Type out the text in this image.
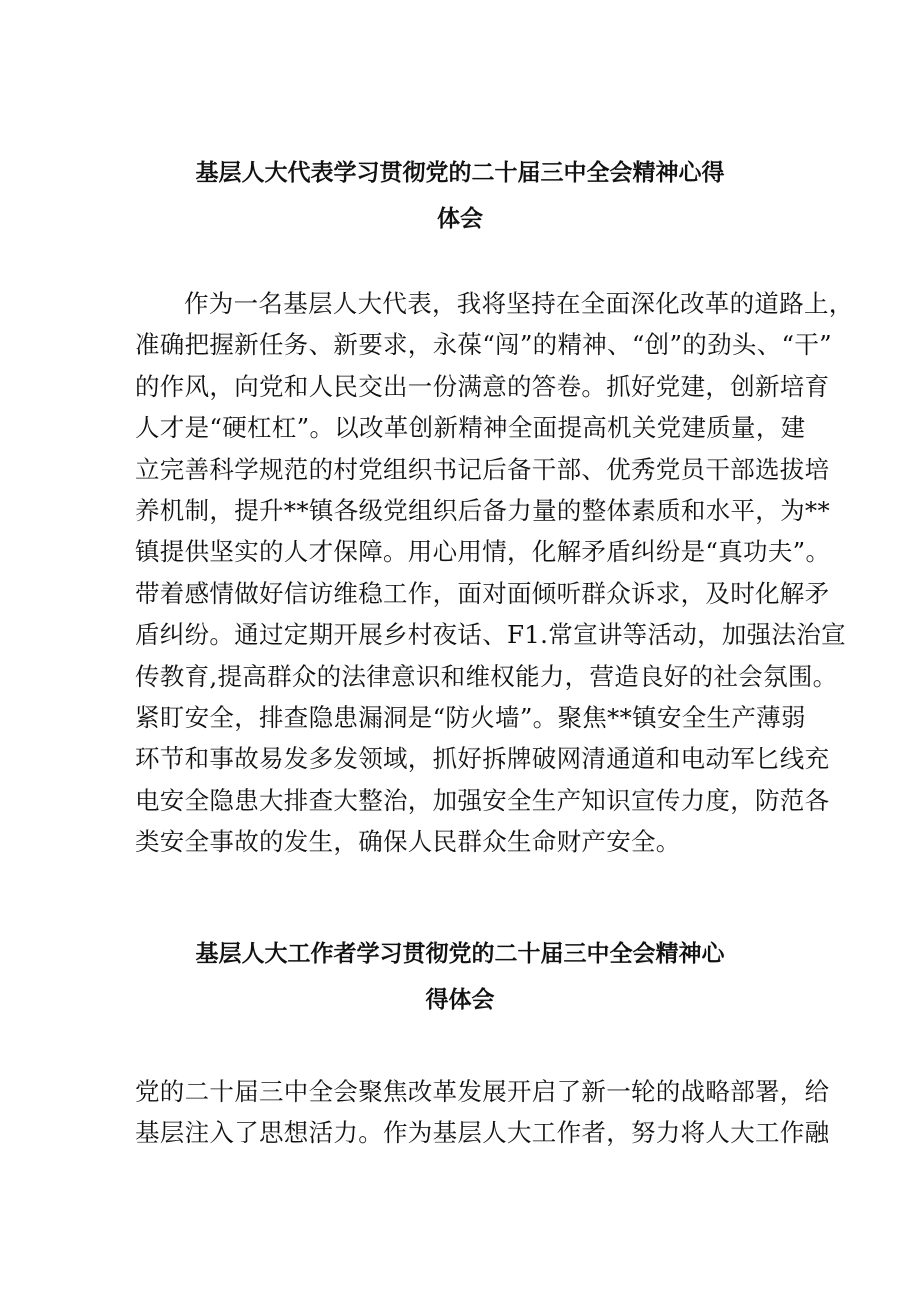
基层人大代表学习贯彻党的二十届三中全会精神心得
体会

作为一名基层人大代表，我将坚持在全面深化改革的道路上，
准确把握新任务、新要求，永葆“闯”的精神、“创”的劲头、“干”
的作风，向党和人民交出一份满意的答卷。抓好党建，创新培育
人才是“硬杠杠”。以改革创新精神全面提高机关党建质量，建
立完善科学规范的村党组织书记后备干部、优秀党员干部选拔培
养机制，提升**镇各级党组织后备力量的整体素质和水平，为**
镇提供坚实的人才保障。用心用情，化解矛盾纠纷是“真功夫”。
带着感情做好信访维稳工作，面对面倾听群众诉求，及时化解矛
盾纠纷。通过定期开展乡村夜话、F1.常宣讲等活动，加强法治宣
传教育,提高群众的法律意识和维权能力，营造良好的社会氛围。
紧盯安全，排查隐患漏洞是“防火墙”。聚焦**镇安全生产薄弱
环节和事故易发多发领域，抓好拆牌破网清通道和电动军匕线充
电安全隐患大排查大整治，加强安全生产知识宣传力度，防范各
类安全事故的发生，确保人民群众生命财产安全。

基层人大工作者学习贯彻党的二十届三中全会精神心
得体会

党的二十届三中全会聚焦改革发展开启了新一轮的战略部署，给
基层注入了思想活力。作为基层人大工作者，努力将人大工作融
